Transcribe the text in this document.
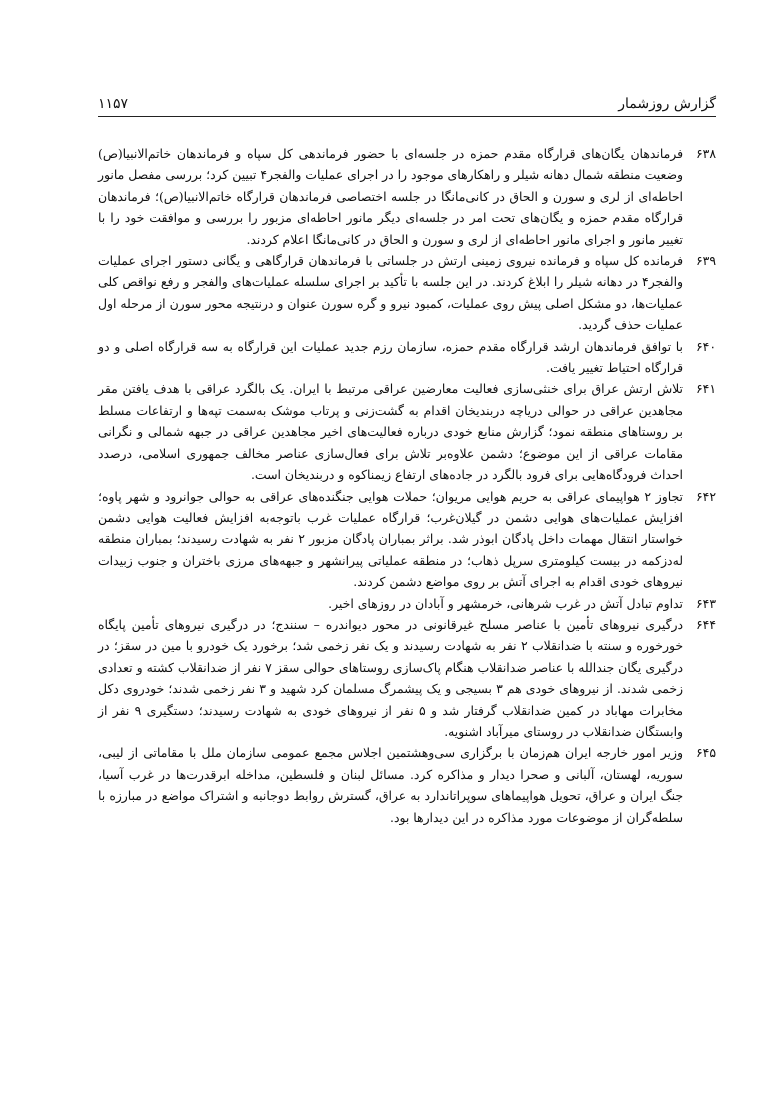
گزارش روزشمار
۱۱۵۷
۶۳۸
فرماندهان یگان‌های قرارگاه مقدم حمزه در جلسه‌ای با حضور فرماندهی کل سپاه و فرماندهان خاتم‌الانبیا(ص) وضعیت منطقه شمال دهانه شیلر و راهکارهای موجود را در اجرای عملیات والفجر۴ تبیین کرد؛ بررسی مفصل مانور احاطه‌ای از لری و سورن و الحاق در کانی‌مانگا در جلسه اختصاصی فرماندهان قرارگاه خاتم‌الانبیا(ص)؛ فرماندهان قرارگاه مقدم حمزه و یگان‌های تحت امر در جلسه‌ای دیگر مانور احاطه‌ای مزبور را بررسی و موافقت خود را با تغییر مانور و اجرای مانور احاطه‌ای از لری و سورن و الحاق در کانی‌مانگا اعلام کردند.
۶۳۹
فرمانده کل سپاه و فرمانده نیروی زمینی ارتش در جلساتی با فرماندهان قرارگاهی و یگانی دستور اجرای عملیات والفجر۴ در دهانه شیلر را ابلاغ کردند. در این جلسه با تأکید بر اجرای سلسله عملیات‌های والفجر و رفع نواقص کلی عملیات‌ها، دو مشکل اصلی پیش روی عملیات، کمبود نیرو و گره سورن عنوان و درنتیجه محور سورن از مرحله اول عملیات حذف گردید.
۶۴۰
با توافق فرماندهان ارشد قرارگاه مقدم حمزه، سازمان رزم جدید عملیات این قرارگاه به سه قرارگاه اصلی و دو قرارگاه احتیاط تغییر یافت.
۶۴۱
تلاش ارتش عراق برای خنثی‌سازی فعالیت معارضین عراقی مرتبط با ایران. یک بالگرد عراقی با هدف یافتن مقر مجاهدین عراقی در حوالی دریاچه دربندیخان اقدام به گشت‌زنی و پرتاب موشک به‌سمت تپه‌ها و ارتفاعات مسلط بر روستاهای منطقه نمود؛ گزارش منابع خودی درباره فعالیت‌های اخیر مجاهدین عراقی در جبهه شمالی و نگرانی مقامات عراقی از این موضوع؛ دشمن علاوه‌بر تلاش برای فعال‌سازی عناصر مخالف جمهوری اسلامی، درصدد احداث فرودگاه‌هایی برای فرود بالگرد در جاده‌های ارتفاع زیمناکوه و دربندیخان است.
۶۴۲
تجاوز ۲ هواپیمای عراقی به حریم هوایی مریوان؛ حملات هوایی جنگنده‌های عراقی به حوالی جوانرود و شهر پاوه؛ افزایش عملیات‌های هوایی دشمن در گیلان‌غرب؛ قرارگاه عملیات غرب باتوجه‌به افزایش فعالیت هوایی دشمن خواستار انتقال مهمات داخل پادگان ابوذر شد. براثر بمباران پادگان مزبور ۲ نفر به شهادت رسیدند؛ بمباران منطقه له‌دزکمه در بیست کیلومتری سرپل ذهاب؛ در منطقه عملیاتی پیرانشهر و جبهه‌های مرزی باختران و جنوب زبیدات نیروهای خودی اقدام به اجرای آتش بر روی مواضع دشمن کردند.
۶۴۳
تداوم تبادل آتش در غرب شرهانی، خرمشهر و آبادان در روزهای اخیر.
۶۴۴
درگیری نیروهای تأمین با عناصر مسلح غیرقانونی در محور دیواندره – سنندج؛ در درگیری نیروهای تأمین پایگاه خورخوره و سنته با ضدانقلاب ۲ نفر به شهادت رسیدند و یک نفر زخمی شد؛ برخورد یک خودرو با مین در سقز؛ در درگیری یگان جندالله با عناصر ضدانقلاب هنگام پاک‌سازی روستاهای حوالی سقز ۷ نفر از ضدانقلاب کشته و تعدادی زخمی شدند. از نیروهای خودی هم ۳ بسیجی و یک پیشمرگ مسلمان کرد شهید و ۳ نفر زخمی شدند؛ خودروی دکل مخابرات مهاباد در کمین ضدانقلاب گرفتار شد و ۵ نفر از نیروهای خودی به شهادت رسیدند؛ دستگیری ۹ نفر از وابستگان ضدانقلاب در روستای میرآباد اشنویه.
۶۴۵
وزیر امور خارجه ایران هم‌زمان با برگزاری سی‌وهشتمین اجلاس مجمع عمومی سازمان ملل با مقاماتی از لیبی، سوریه، لهستان، آلبانی و صحرا دیدار و مذاکره کرد. مسائل لبنان و فلسطین، مداخله ابرقدرت‌ها در غرب آسیا، جنگ ایران و عراق، تحویل هواپیماهای سوپراتاندارد به عراق، گسترش روابط دوجانبه و اشتراک مواضع در مبارزه با سلطه‌گران از موضوعات مورد مذاکره در این دیدارها بود.
